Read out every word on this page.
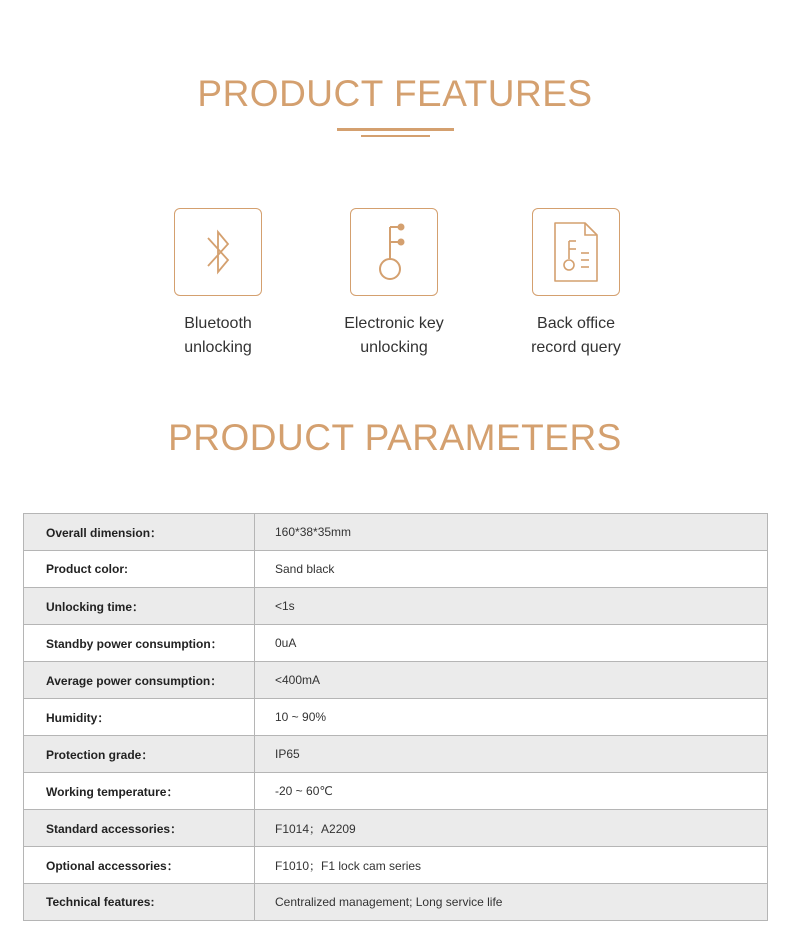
PRODUCT FEATURES
Bluetooth
unlocking
Electronic key
unlocking
Back office
record query
PRODUCT PARAMETERS
Overall dimension：	160*38*35mm
Product color:	Sand black
Unlocking time：	<1s
Standby power consumption：	0uA
Average power consumption：	<400mA
Humidity：	10 ~ 90%
Protection grade：	IP65
Working temperature：	-20 ~ 60℃
Standard accessories：	F1014；A2209
Optional accessories：	F1010；F1 lock cam series
Technical features:	Centralized management; Long service life
